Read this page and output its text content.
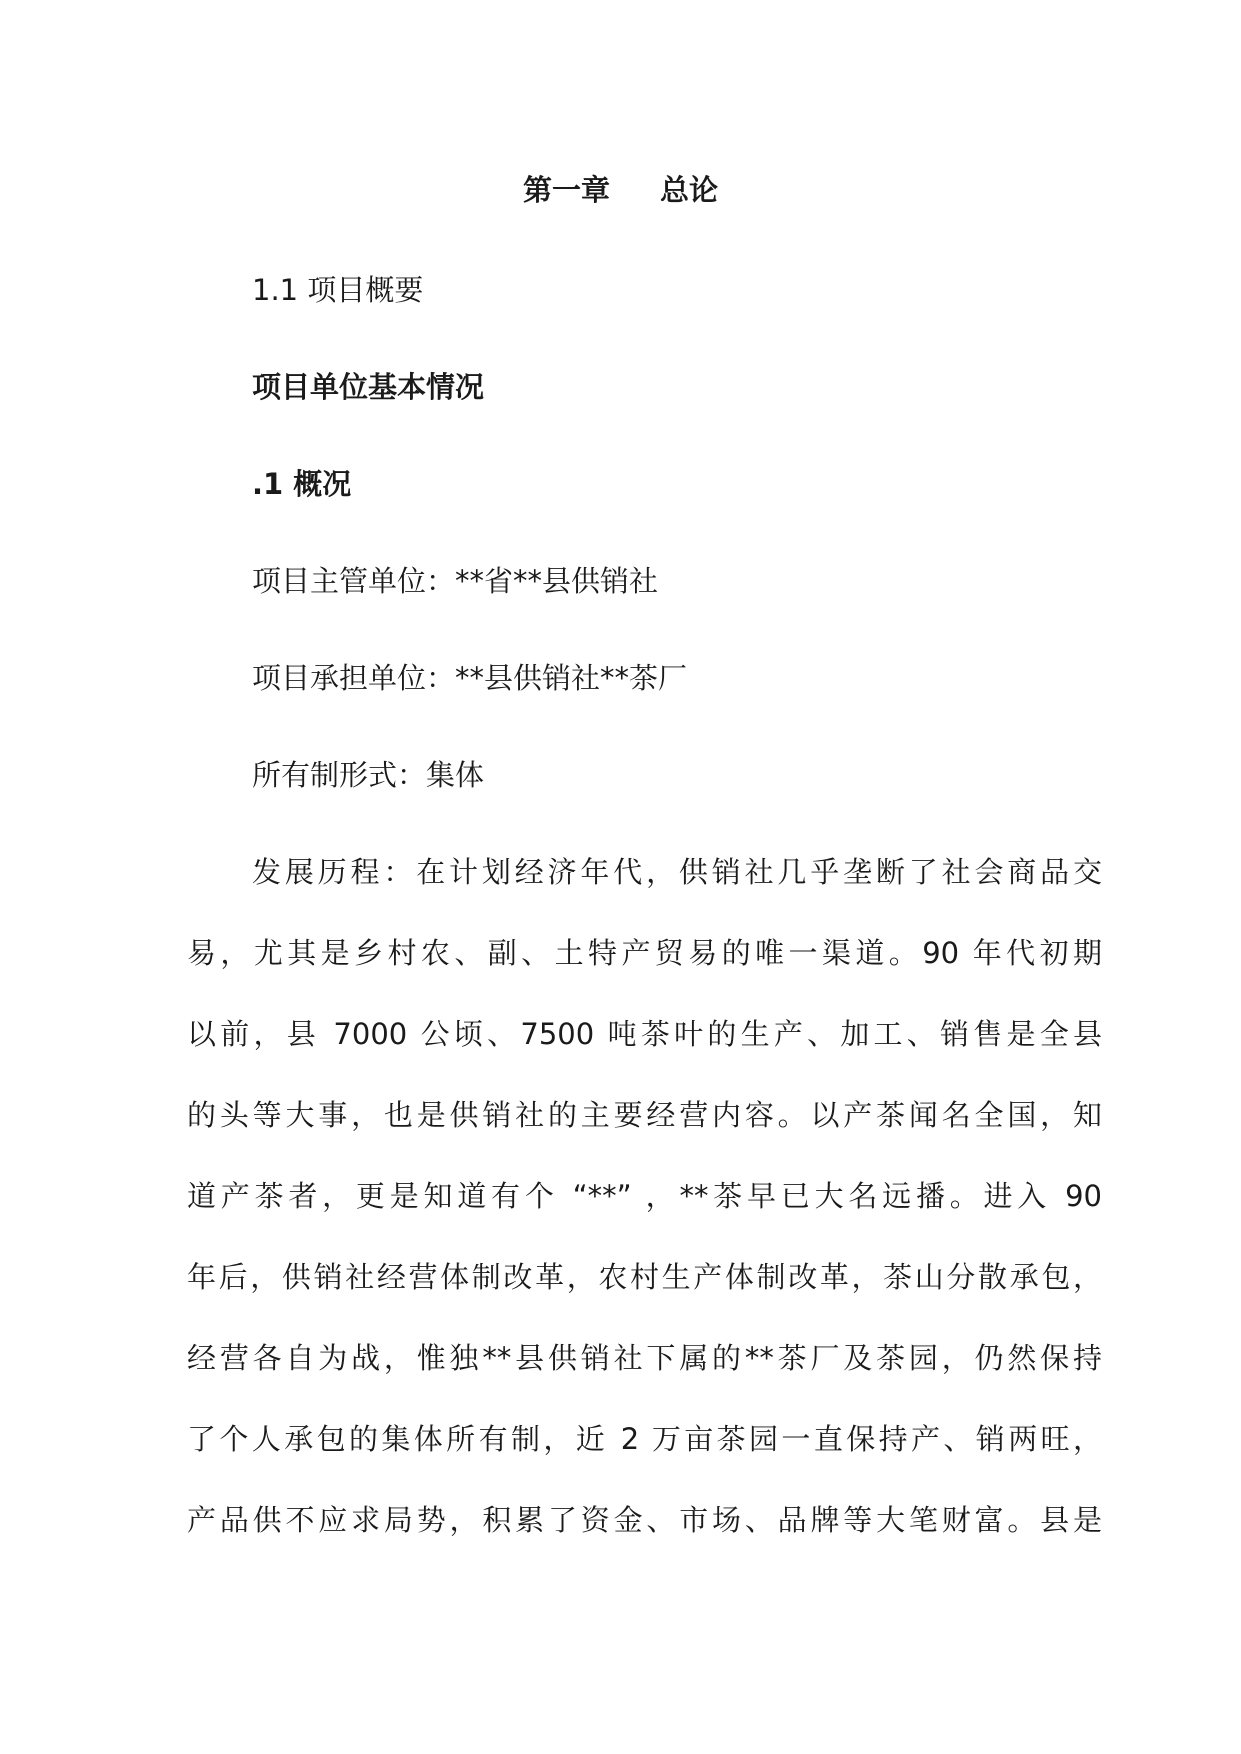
第一章 总论
1.1 项目概要
项目单位基本情况
.1 概况
项目主管单位：**省**县供销社
项目承担单位：**县供销社**茶厂
所有制形式：集体
发展历程：在计划经济年代，供销社几乎垄断了社会商品交
易，尤其是乡村农、副、土特产贸易的唯一渠道。90 年代初期
以前，县 7000 公顷、7500 吨茶叶的生产、加工、销售是全县
的头等大事，也是供销社的主要经营内容。以产茶闻名全国，知
道产茶者，更是知道有个 “**” ，**茶早已大名远播。进入 90
年后，供销社经营体制改革，农村生产体制改革，茶山分散承包，
经营各自为战，惟独**县供销社下属的**茶厂及茶园，仍然保持
了个人承包的集体所有制，近 2 万亩茶园一直保持产、销两旺，
产品供不应求局势，积累了资金、市场、品牌等大笔财富。县是
